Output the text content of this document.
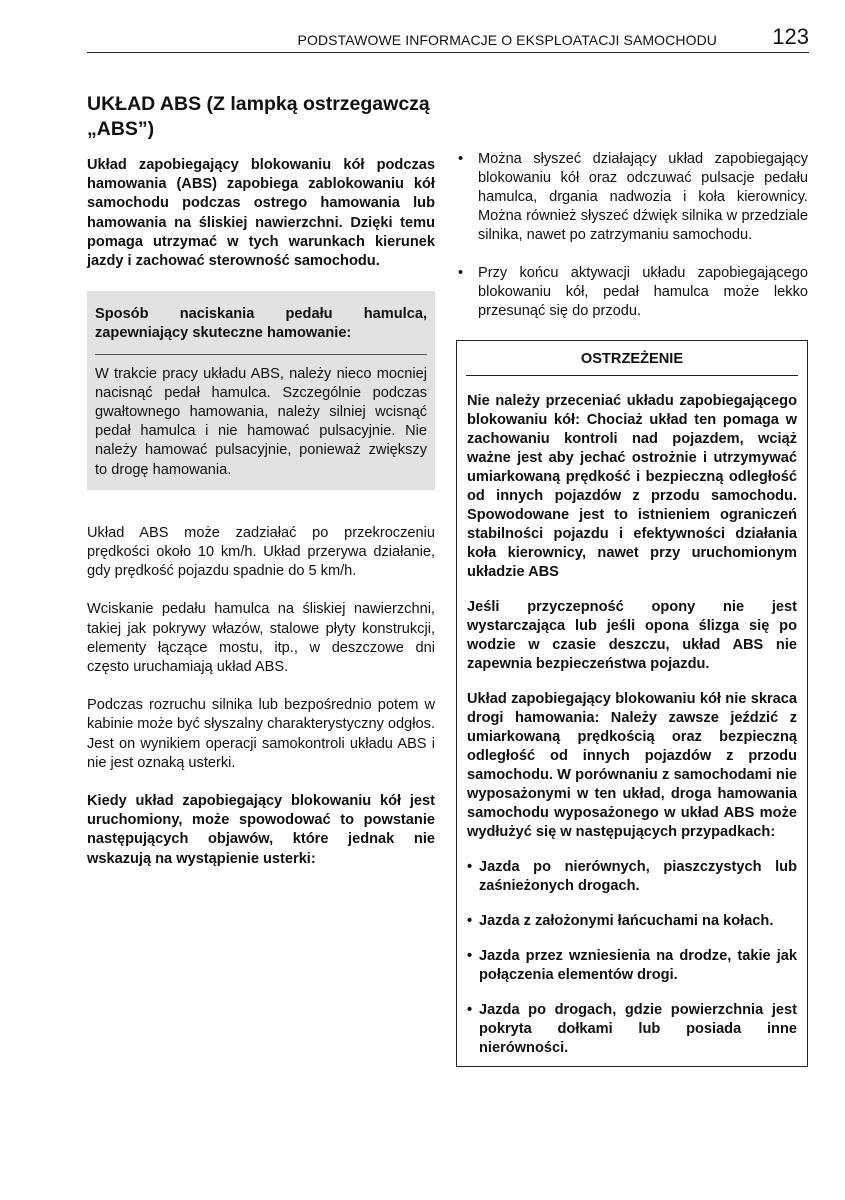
PODSTAWOWE INFORMACJE O EKSPLOATACJI SAMOCHODU	123
UKŁAD ABS (Z lampką ostrzegawczą „ABS”)

Układ zapobiegający blokowaniu kół podczas hamowania (ABS) zapobiega zablokowaniu kół samochodu podczas ostrego hamowania lub hamowania na śliskiej nawierzchni. Dzięki temu pomaga utrzymać w tych warunkach kierunek jazdy i zachować sterowność samochodu.

Sposób naciskania pedału hamulca, zapewniający skuteczne hamowanie:
W trakcie pracy układu ABS, należy nieco mocniej nacisnąć pedał hamulca. Szczególnie podczas gwałtownego hamowania, należy silniej wcisnąć pedał hamulca i nie hamować pulsacyjnie. Nie należy hamować pulsacyjnie, ponieważ zwiększy to drogę hamowania.

Układ ABS może zadziałać po przekroczeniu prędkości około 10 km/h. Układ przerywa działanie, gdy prędkość pojazdu spadnie do 5 km/h.

Wciskanie pedału hamulca na śliskiej nawierzchni, takiej jak pokrywy włazów, stalowe płyty konstrukcji, elementy łączące mostu, itp., w deszczowe dni często uruchamiają układ ABS.

Podczas rozruchu silnika lub bezpośrednio potem w kabinie może być słyszalny charakterystyczny odgłos. Jest on wynikiem operacji samokontroli układu ABS i nie jest oznaką usterki.

Kiedy układ zapobiegający blokowaniu kół jest uruchomiony, może spowodować to powstanie następujących objawów, które jednak nie wskazują na wystąpienie usterki:

• Można słyszeć działający układ zapobiegający blokowaniu kół oraz odczuwać pulsacje pedału hamulca, drgania nadwozia i koła kierownicy. Można również słyszeć dźwięk silnika w przedziale silnika, nawet po zatrzymaniu samochodu.
• Przy końcu aktywacji układu zapobiegającego blokowaniu kół, pedał hamulca może lekko przesunąć się do przodu.
OSTRZEŻENIE

Nie należy przeceniać układu zapobiegającego blokowaniu kół: Chociaż układ ten pomaga w zachowaniu kontroli nad pojazdem, wciąż ważne jest aby jechać ostrożnie i utrzymywać umiarkowaną prędkość i bezpieczną odległość od innych pojazdów z przodu samochodu. Spowodowane jest to istnieniem ograniczeń stabilności pojazdu i efektywności działania koła kierownicy, nawet przy uruchomionym układzie ABS

Jeśli przyczepność opony nie jest wystarczająca lub jeśli opona ślizga się po wodzie w czasie deszczu, układ ABS nie zapewnia bezpieczeństwa pojazdu.

Układ zapobiegający blokowaniu kół nie skraca drogi hamowania: Należy zawsze jeździć z umiarkowaną prędkością oraz bezpieczną odległość od innych pojazdów z przodu samochodu. W porównaniu z samochodami nie wyposażonymi w ten układ, droga hamowania samochodu wyposażonego w układ ABS może wydłużyć się w następujących przypadkach:

• Jazda po nierównych, piaszczystych lub zaśnieżonych drogach.
• Jazda z założonymi łańcuchami na kołach.
• Jazda przez wzniesienia na drodze, takie jak połączenia elementów drogi.
• Jazda po drogach, gdzie powierzchnia jest pokryta dołkami lub posiada inne nierówności.
